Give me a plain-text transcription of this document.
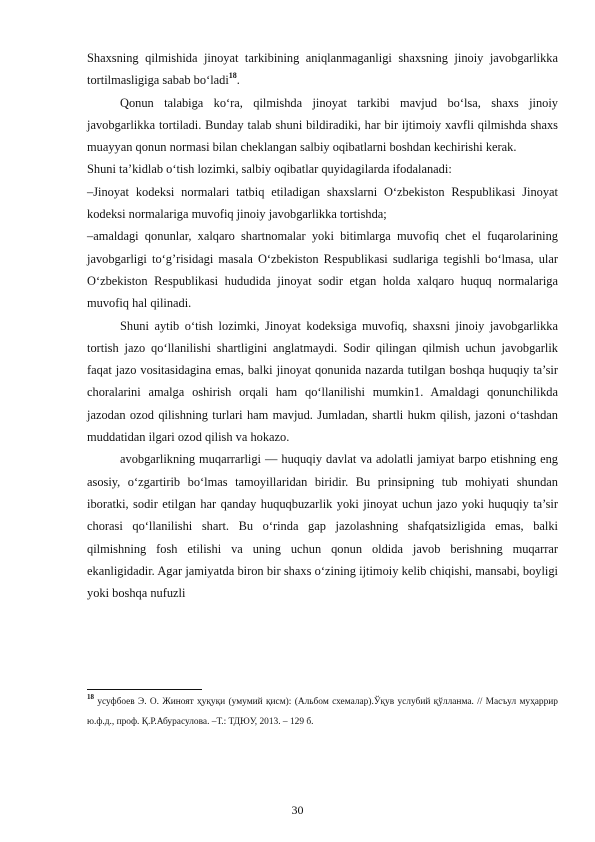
Shaxsning qilmishida jinoyat tarkibining aniqlanmaganligi shaxsning jinoiy javobgarlikka tortilmasligiga sabab bo‘ladi$^{18}$.

Qonun talabiga ko‘ra, qilmishda jinoyat tarkibi mavjud bo‘lsa, shaxs jinoiy javobgarlikka tortiladi. Bunday talab shuni bildiradiki, har bir ijtimoiy xavfli qilmishda shaxs muayyan qonun normasi bilan cheklangan salbiy oqibatlarni boshdan kechirishi kerak.

Shuni ta’kidlab o‘tish lozimki, salbiy oqibatlar quyidagilarda ifodalanadi:

–Jinoyat kodeksi normalari tatbiq etiladigan shaxslarni O‘zbekiston Respublikasi Jinoyat kodeksi normalariga muvofiq jinoiy javobgarlikka tortishda;

–amaldagi qonunlar, xalqaro shartnomalar yoki bitimlarga muvofiq chet el fuqarolarining javobgarligi to‘g’risidagi masala O‘zbekiston Respublikasi sudlariga tegishli bo‘lmasa, ular O‘zbekiston Respublikasi hududida jinoyat sodir etgan holda xalqaro huquq normalariga muvofiq hal qilinadi.

Shuni aytib o‘tish lozimki, Jinoyat kodeksiga muvofiq, shaxsni jinoiy javobgarlikka tortish jazo qo‘llanilishi shartligini anglatmaydi. Sodir qilingan qilmish uchun javobgarlik faqat jazo vositasidagina emas, balki jinoyat qonunida nazarda tutilgan boshqa huquqiy ta’sir choralarini amalga oshirish orqali ham qo‘llanilishi mumkin1. Amaldagi qonunchilikda jazodan ozod qilishning turlari ham mavjud. Jumladan, shartli hukm qilish, jazoni o‘tashdan muddatidan ilgari ozod qilish va hokazo.

avobgarlikning muqarrarligi — huquqiy davlat va adolatli jamiyat barpo etishning eng asosiy, o‘zgartirib bo‘lmas tamoyillaridan biridir. Bu prinsipning tub mohiyati shundan iboratki, sodir etilgan har qanday huquqbuzarlik yoki jinoyat uchun jazo yoki huquqiy ta’sir chorasi qo‘llanilishi shart. Bu o‘rinda gap jazolashning shafqatsizligida emas, balki qilmishning fosh etilishi va uning uchun qonun oldida javob berishning muqarrar ekanligidadir. Agar jamiyatda biron bir shaxs o‘zining ijtimoiy kelib chiqishi, mansabi, boyligi yoki boshqa nufuzli

$^{18}$ усуфбоев Э. О. Жиноят ҳуқуқи (умумий қисм): (Альбом схемалар).Ўқув услубий қўлланма. // Масъул муҳаррир ю.ф.д., проф. Қ.Р.Абурасулова. –Т.: ТДЮУ, 2013. – 129 б.
30
